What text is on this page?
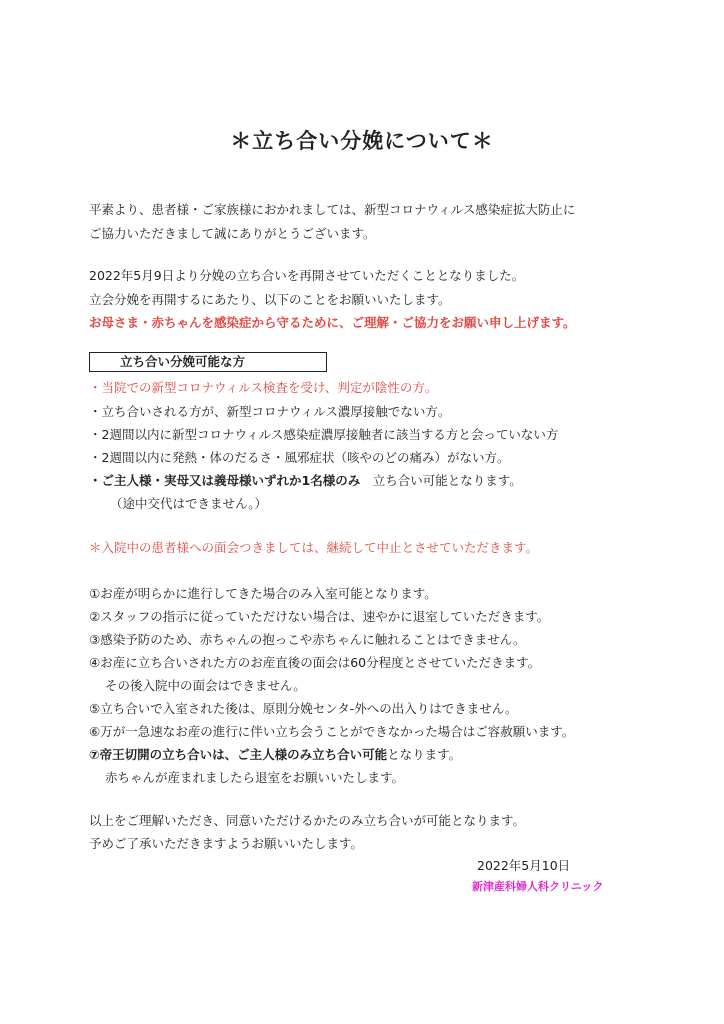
＊立ち合い分娩について＊
平素より、患者様・ご家族様におかれましては、新型コロナウィルス感染症拡大防止に
ご協力いただきまして誠にありがとうございます。
2022年5月9日より分娩の立ち合いを再開させていただくこととなりました。
立会分娩を再開するにあたり、以下のことをお願いいたします。
お母さま・赤ちゃんを感染症から守るために、ご理解・ご協力をお願い申し上げます。
立ち合い分娩可能な方
・当院での新型コロナウィルス検査を受け、判定が陰性の方。
・立ち合いされる方が、新型コロナウィルス濃厚接触でない方。
・2週間以内に新型コロナウィルス感染症濃厚接触者に該当する方と会っていない方
・2週間以内に発熱・体のだるさ・風邪症状（咳やのどの痛み）がない方。
・ご主人様・実母又は義母様いずれか1名様のみ　立ち合い可能となります。
（途中交代はできません。）
＊入院中の患者様への面会つきましては、継続して中止とさせていただきます。
①お産が明らかに進行してきた場合のみ入室可能となります。
②スタッフの指示に従っていただけない場合は、速やかに退室していただきます。
③感染予防のため、赤ちゃんの抱っこや赤ちゃんに触れることはできません。
④お産に立ち合いされた方のお産直後の面会は60分程度とさせていただきます。
その後入院中の面会はできません。
⑤立ち合いで入室された後は、原則分娩センタ-外への出入りはできません。
⑥万が一急速なお産の進行に伴い立ち会うことができなかった場合はご容赦願います。
⑦帝王切開の立ち合いは、ご主人様のみ立ち合い可能となります。
赤ちゃんが産まれましたら退室をお願いいたします。
以上をご理解いただき、同意いただけるかたのみ立ち合いが可能となります。
予めご了承いただきますようお願いいたします。
2022年5月10日
新津産科婦人科クリニック
